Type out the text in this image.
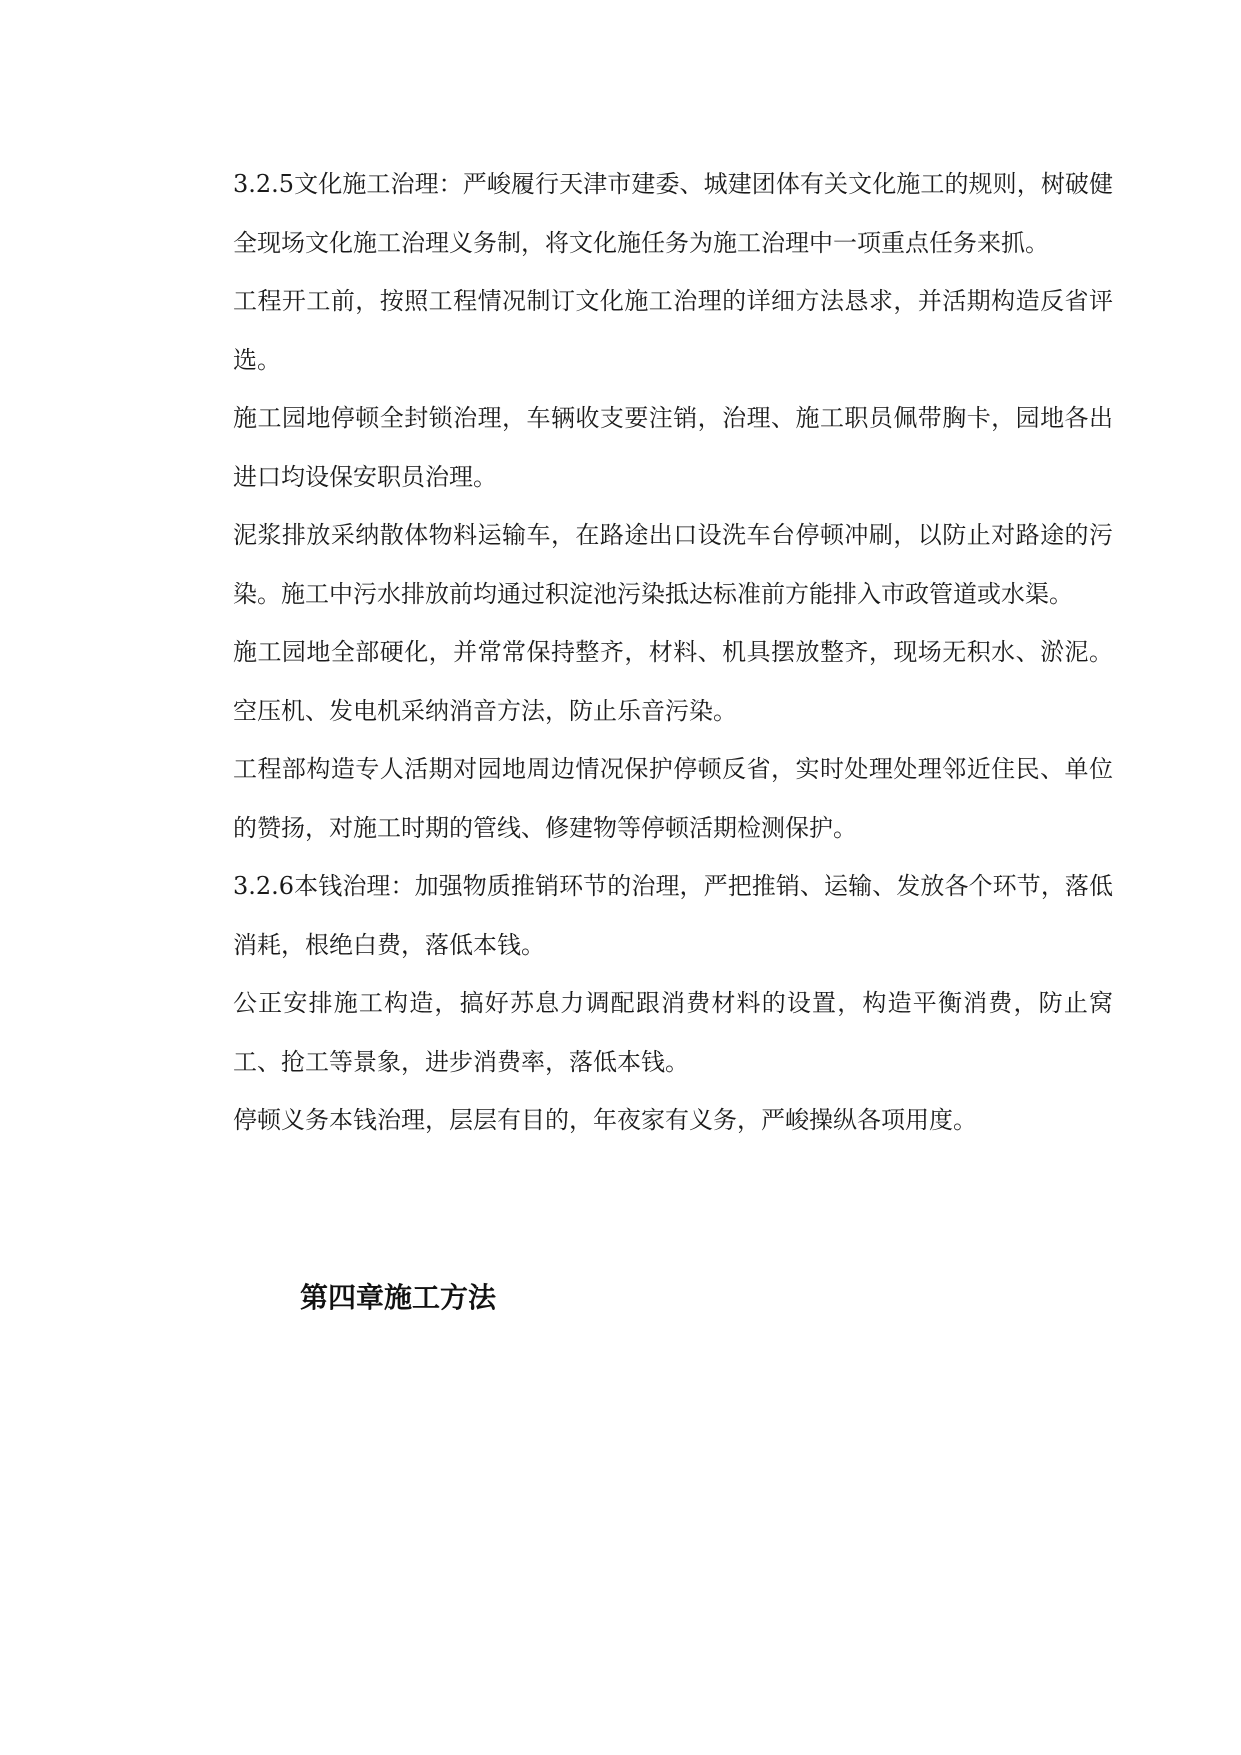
3.2.5文化施工治理：严峻履行天津市建委、城建团体有关文化施工的规则，树破健全现场文化施工治理义务制，将文化施任务为施工治理中一项重点任务来抓。

工程开工前，按照工程情况制订文化施工治理的详细方法恳求，并活期构造反省评选。

施工园地停顿全封锁治理，车辆收支要注销，治理、施工职员佩带胸卡，园地各出进口均设保安职员治理。

泥浆排放采纳散体物料运输车，在路途出口设洗车台停顿冲刷，以防止对路途的污染。施工中污水排放前均通过积淀池污染抵达标准前方能排入市政管道或水渠。

施工园地全部硬化，并常常保持整齐，材料、机具摆放整齐，现场无积水、淤泥。空压机、发电机采纳消音方法，防止乐音污染。

工程部构造专人活期对园地周边情况保护停顿反省，实时处理处理邻近住民、单位的赞扬，对施工时期的管线、修建物等停顿活期检测保护。

3.2.6本钱治理：加强物质推销环节的治理，严把推销、运输、发放各个环节，落低消耗，根绝白费，落低本钱。

公正安排施工构造，搞好苏息力调配跟消费材料的设置，构造平衡消费，防止窝工、抢工等景象，进步消费率，落低本钱。

停顿义务本钱治理，层层有目的，年夜家有义务，严峻操纵各项用度。

第四章施工方法
